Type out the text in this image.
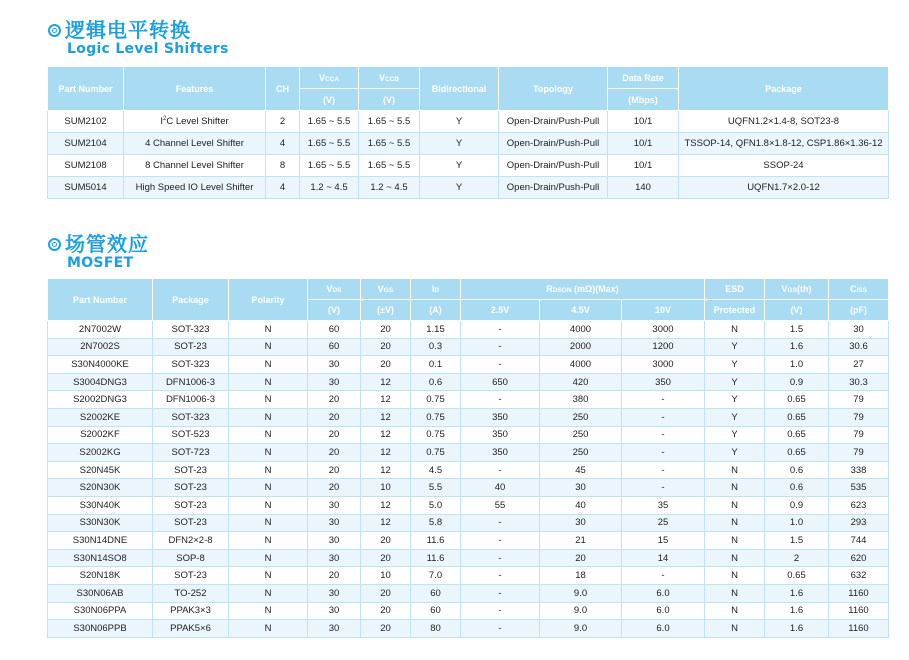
逻辑电平转换
Logic Level Shifters
Part Number	Features	CH	VCCA	VCCB	Bidirectional	Topology	Data Rate	Package
			(V)	(V)			(Mbps)	
SUM2102	$I^2C$ Level Shifter	2	1.65 ~ 5.5	1.65 ~ 5.5	Y	Open-Drain/Push-Pull	10/1	UQFN1.2×1.4-8, SOT23-8
SUM2104	4 Channel Level Shifter	4	1.65 ~ 5.5	1.65 ~ 5.5	Y	Open-Drain/Push-Pull	10/1	TSSOP-14, QFN1.8×1.8-12, CSP1.86×1.36-12
SUM2108	8 Channel Level Shifter	8	1.65 ~ 5.5	1.65 ~ 5.5	Y	Open-Drain/Push-Pull	10/1	SSOP-24
SUM5014	High Speed IO Level Shifter	4	1.2 ~ 4.5	1.2 ~ 4.5	Y	Open-Drain/Push-Pull	140	UQFN1.7×2.0-12
场管效应
MOSFET
Part Number	Package	Polarity	VDS	VGS	ID	RDSON (mΩ)(Max)			ESD	VGS(th)	CISS
			(V)	(±V)	(A)	2.5V	4.5V	10V	Protected	(V)	(pF)
2N7002W	SOT-323	N	60	20	1.15	-	4000	3000	N	1.5	30
2N7002S	SOT-23	N	60	20	0.3	-	2000	1200	Y	1.6	30.6
S30N4000KE	SOT-323	N	30	20	0.1	-	4000	3000	Y	1.0	27
S3004DNG3	DFN1006-3	N	30	12	0.6	650	420	350	Y	0.9	30.3
S2002DNG3	DFN1006-3	N	20	12	0.75	-	380	-	Y	0.65	79
S2002KE	SOT-323	N	20	12	0.75	350	250	-	Y	0.65	79
S2002KF	SOT-523	N	20	12	0.75	350	250	-	Y	0.65	79
S2002KG	SOT-723	N	20	12	0.75	350	250	-	Y	0.65	79
S20N45K	SOT-23	N	20	12	4.5	-	45	-	N	0.6	338
S20N30K	SOT-23	N	20	10	5.5	40	30	-	N	0.6	535
S30N40K	SOT-23	N	30	12	5.0	55	40	35	N	0.9	623
S30N30K	SOT-23	N	30	12	5.8	-	30	25	N	1.0	293
S30N14DNE	DFN2×2-8	N	30	20	11.6	-	21	15	N	1.5	744
S30N14SO8	SOP-8	N	30	20	11.6	-	20	14	N	2	620
S20N18K	SOT-23	N	20	10	7.0	-	18	-	N	0.65	632
S30N06AB	TO-252	N	30	20	60	-	9.0	6.0	N	1.6	1160
S30N06PPA	PPAK3×3	N	30	20	60	-	9.0	6.0	N	1.6	1160
S30N06PPB	PPAK5×6	N	30	20	80	-	9.0	6.0	N	1.6	1160
